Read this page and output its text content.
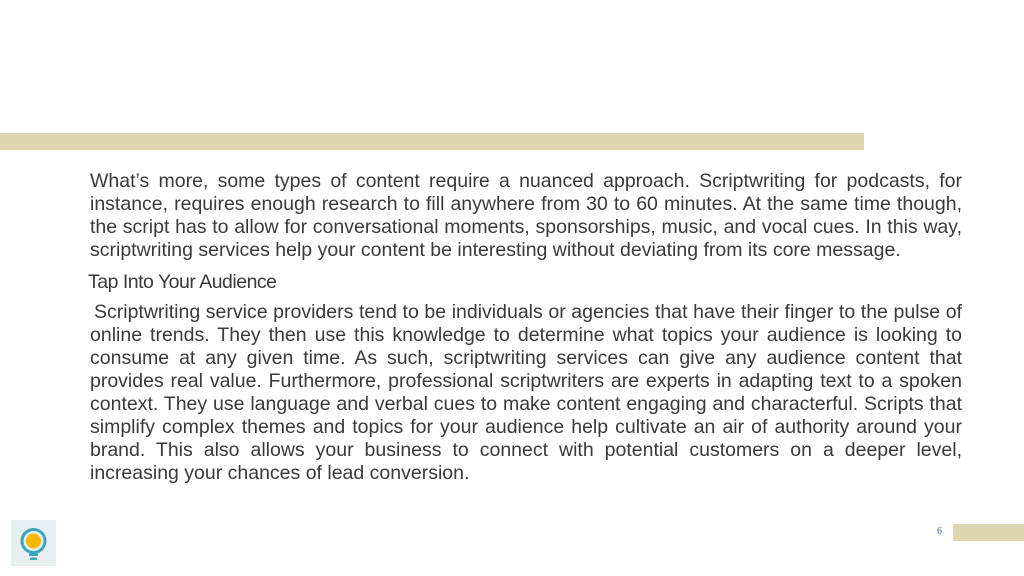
What’s more, some types of content require a nuanced approach. Scriptwriting for podcasts, for instance, requires enough research to fill anywhere from 30 to 60 minutes. At the same time though, the script has to allow for conversational moments, sponsorships, music, and vocal cues. In this way, scriptwriting services help your content be interesting without deviating from its core message.

Tap Into Your Audience

Scriptwriting service providers tend to be individuals or agencies that have their finger to the pulse of online trends. They then use this knowledge to determine what topics your audience is looking to consume at any given time. As such, scriptwriting services can give any audience content that provides real value. Furthermore, professional scriptwriters are experts in adapting text to a spoken context. They use language and verbal cues to make content engaging and characterful. Scripts that simplify complex themes and topics for your audience help cultivate an air of authority around your brand. This also allows your business to connect with potential customers on a deeper level, increasing your chances of lead conversion.

6
